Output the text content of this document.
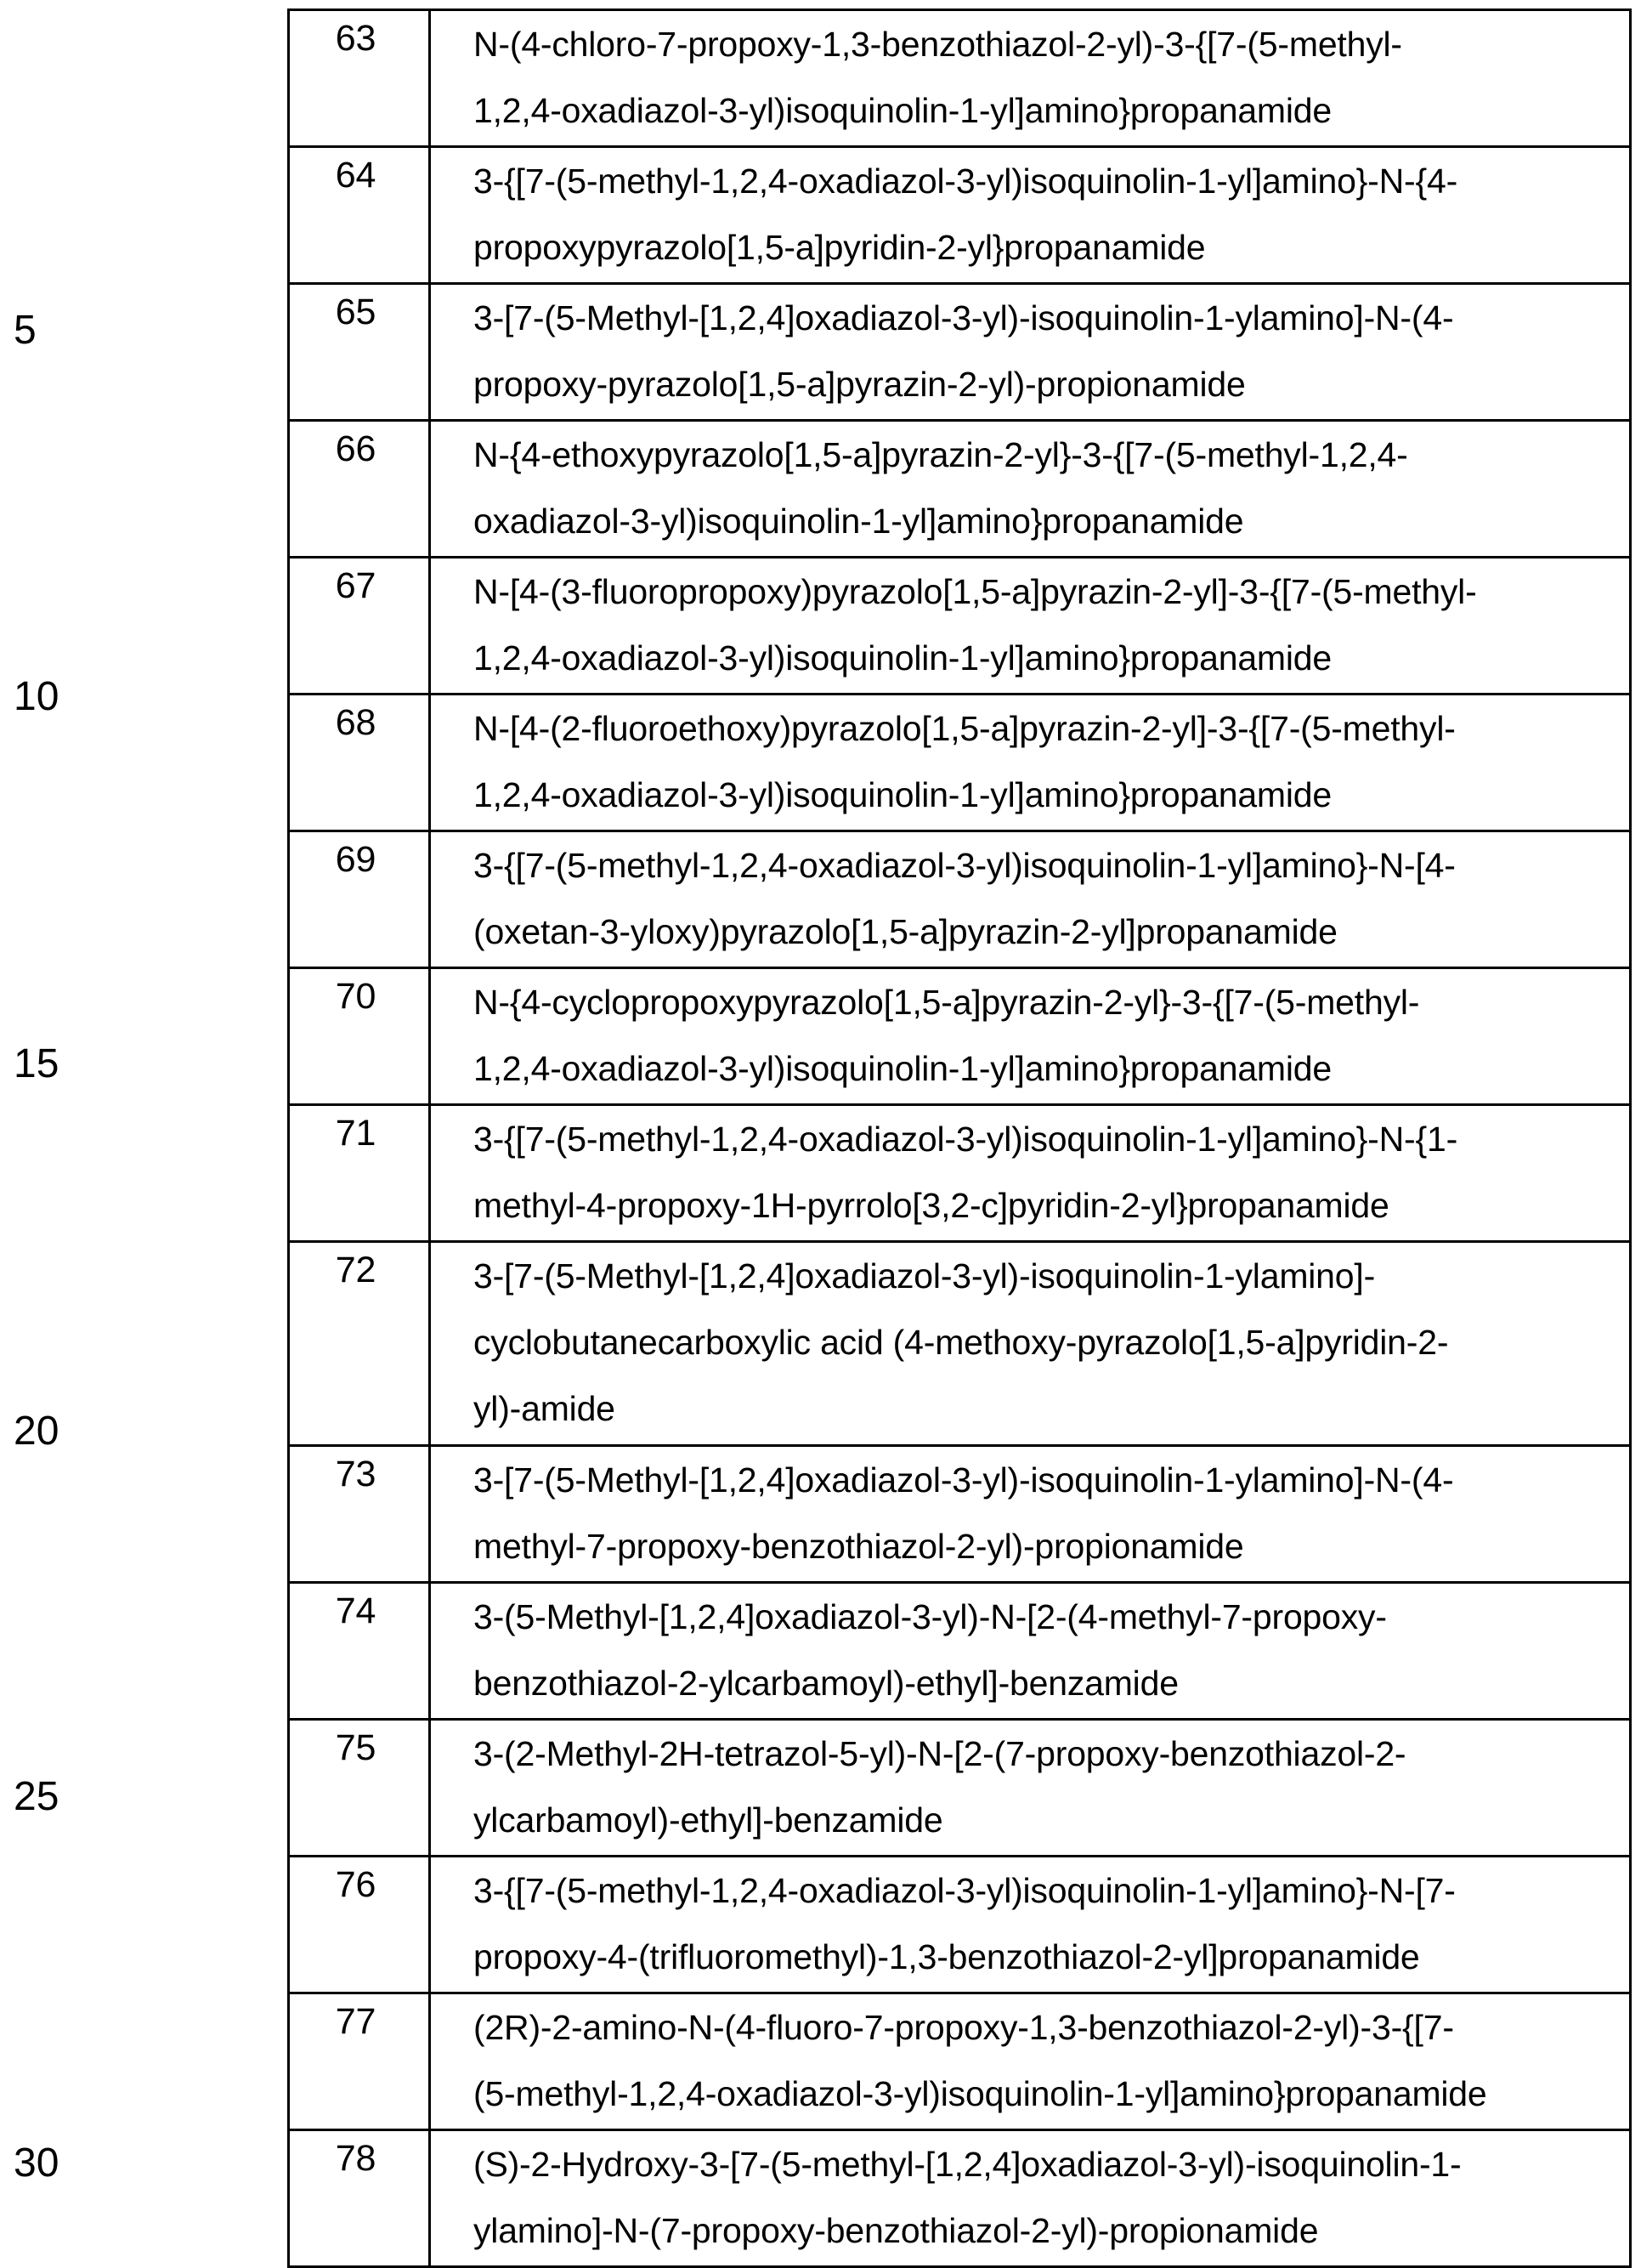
5
10
15
20
25
30
63	N-(4-chloro-7-propoxy-1,3-benzothiazol-2-yl)-3-{[7-(5-methyl-
1,2,4-oxadiazol-3-yl)isoquinolin-1-yl]amino}propanamide
64	3-{[7-(5-methyl-1,2,4-oxadiazol-3-yl)isoquinolin-1-yl]amino}-N-{4-
propoxypyrazolo[1,5-a]pyridin-2-yl}propanamide
65	3-[7-(5-Methyl-[1,2,4]oxadiazol-3-yl)-isoquinolin-1-ylamino]-N-(4-
propoxy-pyrazolo[1,5-a]pyrazin-2-yl)-propionamide
66	N-{4-ethoxypyrazolo[1,5-a]pyrazin-2-yl}-3-{[7-(5-methyl-1,2,4-
oxadiazol-3-yl)isoquinolin-1-yl]amino}propanamide
67	N-[4-(3-fluoropropoxy)pyrazolo[1,5-a]pyrazin-2-yl]-3-{[7-(5-methyl-
1,2,4-oxadiazol-3-yl)isoquinolin-1-yl]amino}propanamide
68	N-[4-(2-fluoroethoxy)pyrazolo[1,5-a]pyrazin-2-yl]-3-{[7-(5-methyl-
1,2,4-oxadiazol-3-yl)isoquinolin-1-yl]amino}propanamide
69	3-{[7-(5-methyl-1,2,4-oxadiazol-3-yl)isoquinolin-1-yl]amino}-N-[4-
(oxetan-3-yloxy)pyrazolo[1,5-a]pyrazin-2-yl]propanamide
70	N-{4-cyclopropoxypyrazolo[1,5-a]pyrazin-2-yl}-3-{[7-(5-methyl-
1,2,4-oxadiazol-3-yl)isoquinolin-1-yl]amino}propanamide
71	3-{[7-(5-methyl-1,2,4-oxadiazol-3-yl)isoquinolin-1-yl]amino}-N-{1-
methyl-4-propoxy-1H-pyrrolo[3,2-c]pyridin-2-yl}propanamide
72	3-[7-(5-Methyl-[1,2,4]oxadiazol-3-yl)-isoquinolin-1-ylamino]-
cyclobutanecarboxylic acid (4-methoxy-pyrazolo[1,5-a]pyridin-2-
yl)-amide
73	3-[7-(5-Methyl-[1,2,4]oxadiazol-3-yl)-isoquinolin-1-ylamino]-N-(4-
methyl-7-propoxy-benzothiazol-2-yl)-propionamide
74	3-(5-Methyl-[1,2,4]oxadiazol-3-yl)-N-[2-(4-methyl-7-propoxy-
benzothiazol-2-ylcarbamoyl)-ethyl]-benzamide
75	3-(2-Methyl-2H-tetrazol-5-yl)-N-[2-(7-propoxy-benzothiazol-2-
ylcarbamoyl)-ethyl]-benzamide
76	3-{[7-(5-methyl-1,2,4-oxadiazol-3-yl)isoquinolin-1-yl]amino}-N-[7-
propoxy-4-(trifluoromethyl)-1,3-benzothiazol-2-yl]propanamide
77	(2R)-2-amino-N-(4-fluoro-7-propoxy-1,3-benzothiazol-2-yl)-3-{[7-
(5-methyl-1,2,4-oxadiazol-3-yl)isoquinolin-1-yl]amino}propanamide
78	(S)-2-Hydroxy-3-[7-(5-methyl-[1,2,4]oxadiazol-3-yl)-isoquinolin-1-
ylamino]-N-(7-propoxy-benzothiazol-2-yl)-propionamide
